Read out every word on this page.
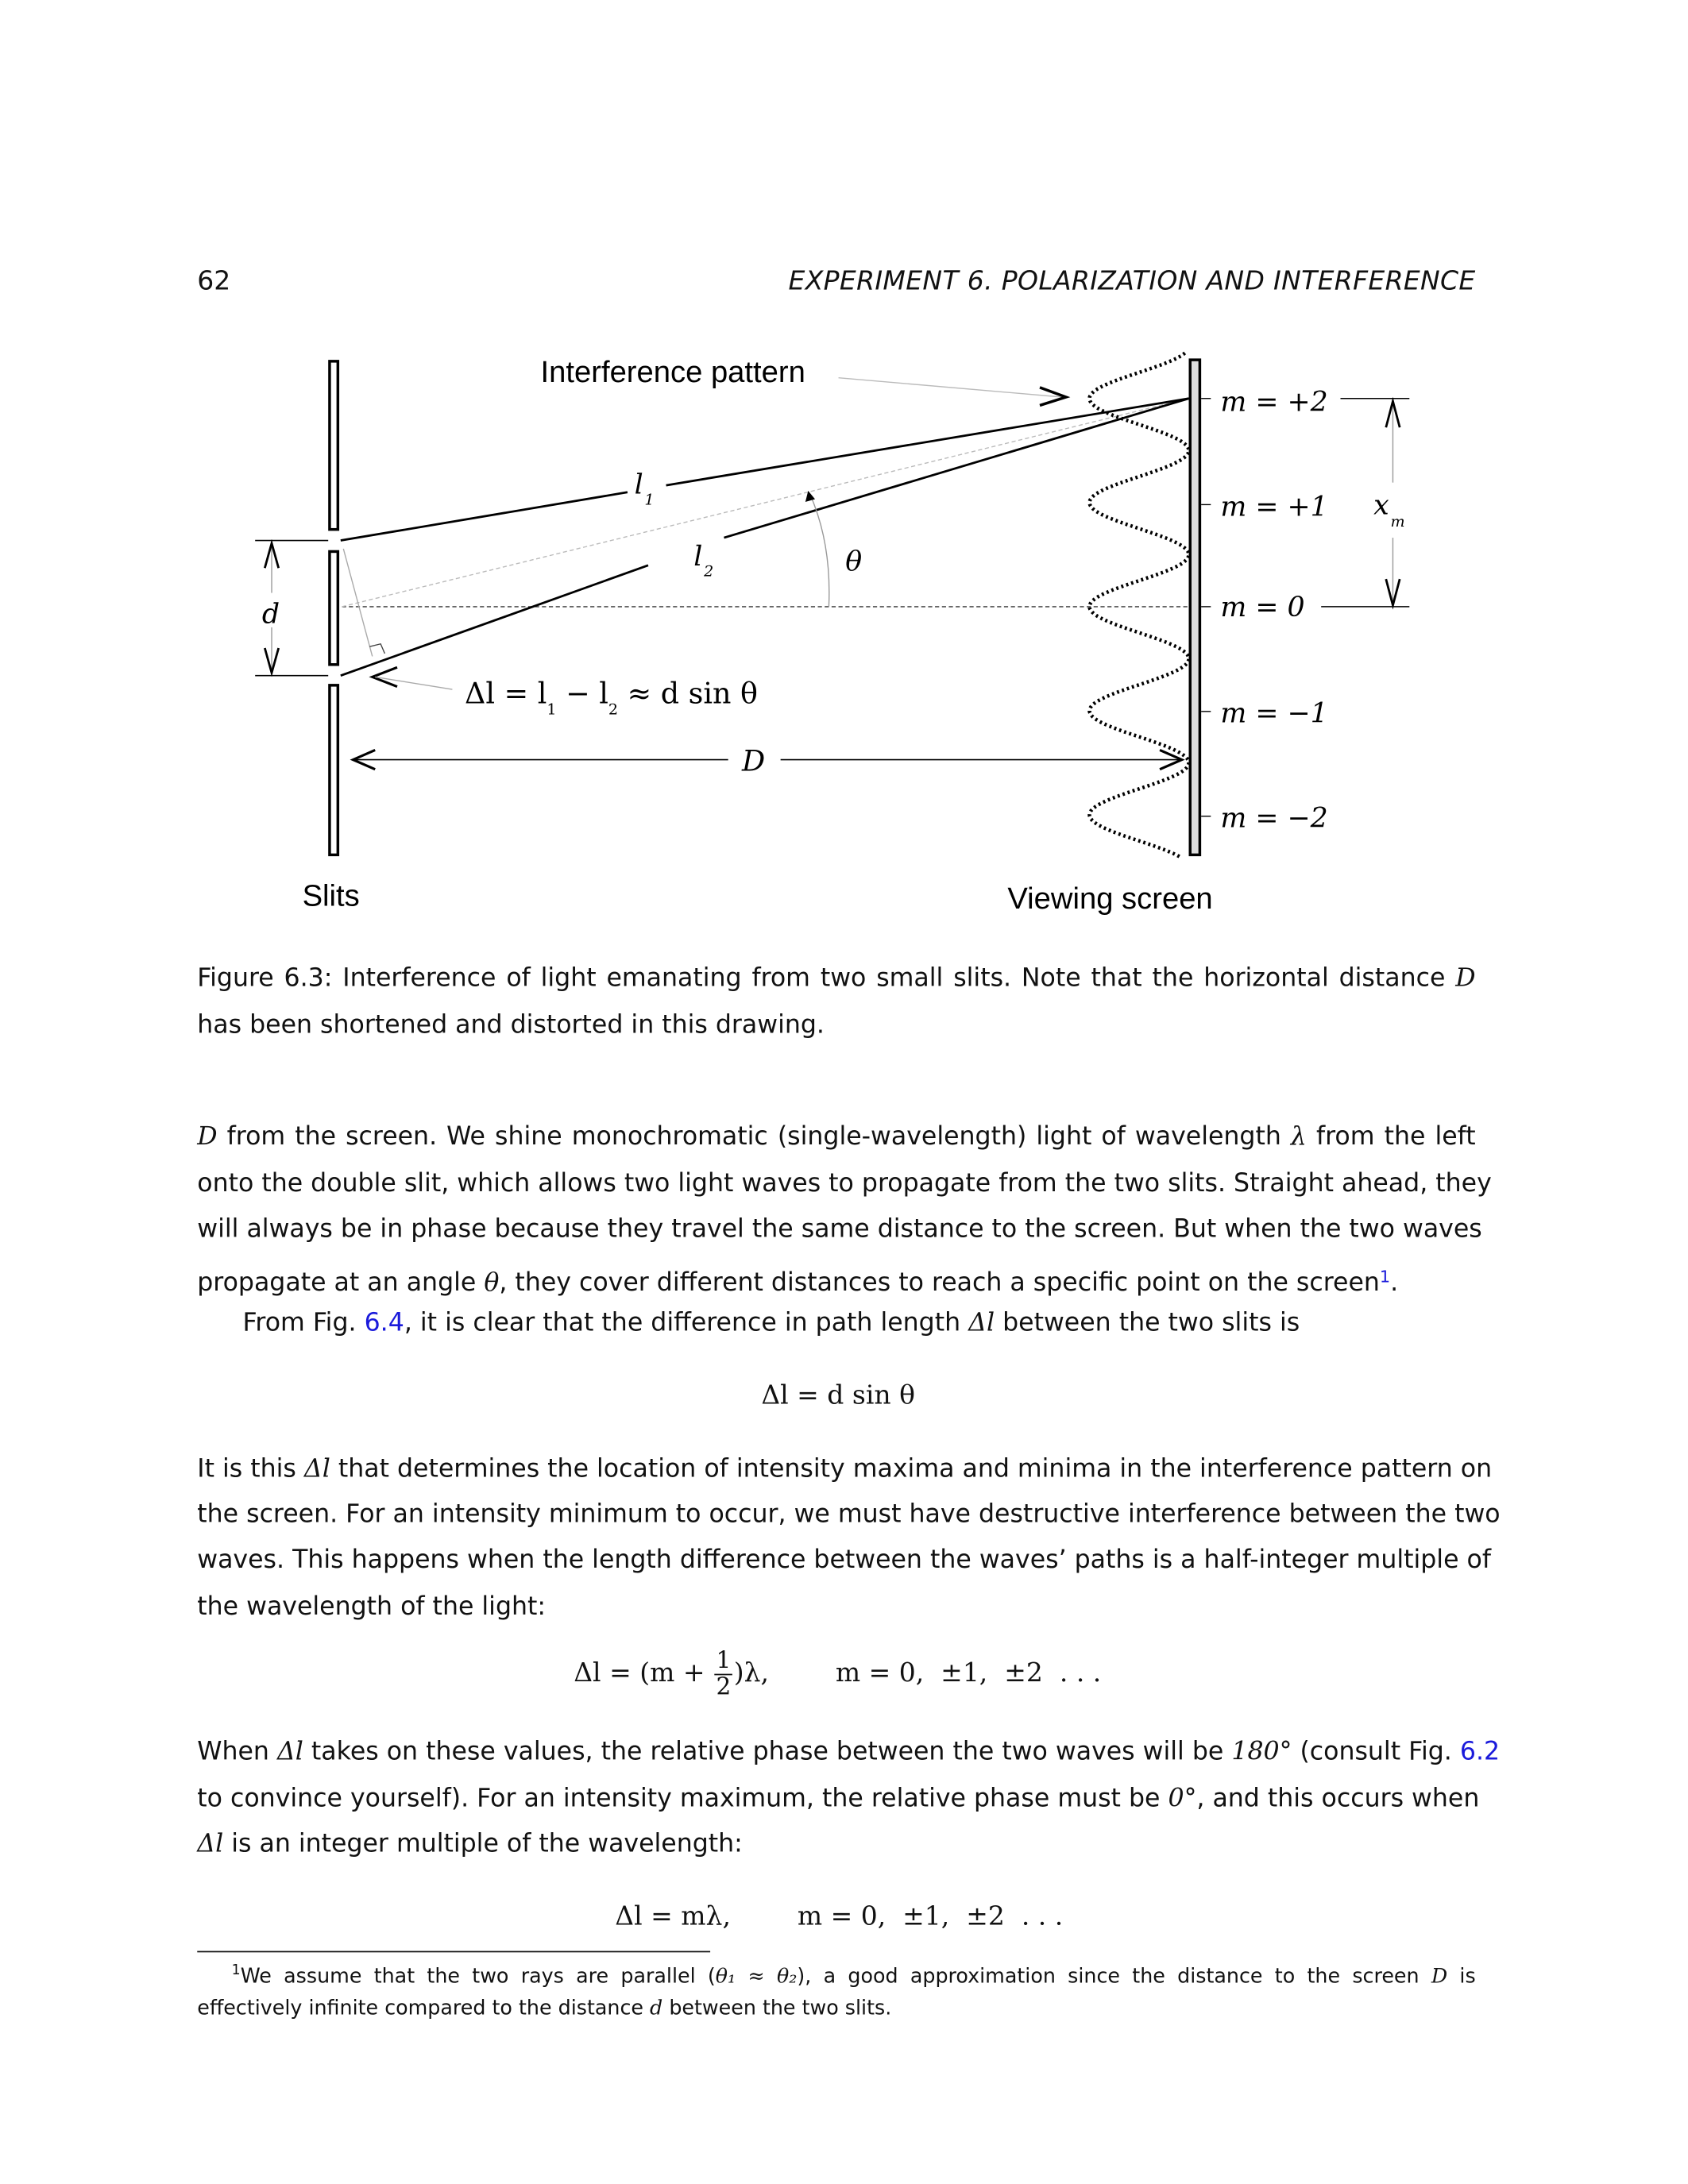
62	EXPERIMENT 6. POLARIZATION AND INTERFERENCE
l $_1$
l $_2$	θ
d
$\Delta l = l_1 - l_2 \approx d$ sin θ
D
Interference pattern
m = +2
m = +1
m = 0
m = −1
m = −2
$x_m$
Slits	Viewing screen
Figure 6.3: Interference of light emanating from two small slits. Note that the horizontal distance D
has been shortened and distorted in this drawing.
D from the screen. We shine monochromatic (single-wavelength) light of wavelength λ from the left
onto the double slit, which allows two light waves to propagate from the two slits. Straight ahead, they
will always be in phase because they travel the same distance to the screen. But when the two waves
propagate at an angle θ, they cover different distances to reach a specific point on the screen$^1$.
From Fig. 6.4, it is clear that the difference in path length Δl between the two slits is
It is this Δl that determines the location of intensity maxima and minima in the interference pattern on
the screen. For an intensity minimum to occur, we must have destructive interference between the two
waves. This happens when the length difference between the waves’ paths is a half-integer multiple of
the wavelength of the light:
When Δl takes on these values, the relative phase between the two waves will be 180° (consult Fig. 6.2
to convince yourself). For an intensity maximum, the relative phase must be 0°, and this occurs when
Δl is an integer multiple of the wavelength:
Δl = d sin θ
$\Delta l = (m + \frac{1}{2} )\lambda$,        m = 0,  ±1,  ±2  . . .
Δl = mλ,        m = 0,  ±1,  ±2  . . .
$^1$We assume that the two rays are parallel (θ₁ ≈ θ₂), a good approximation since the distance to the screen D is
effectively infinite compared to the distance d between the two slits.
